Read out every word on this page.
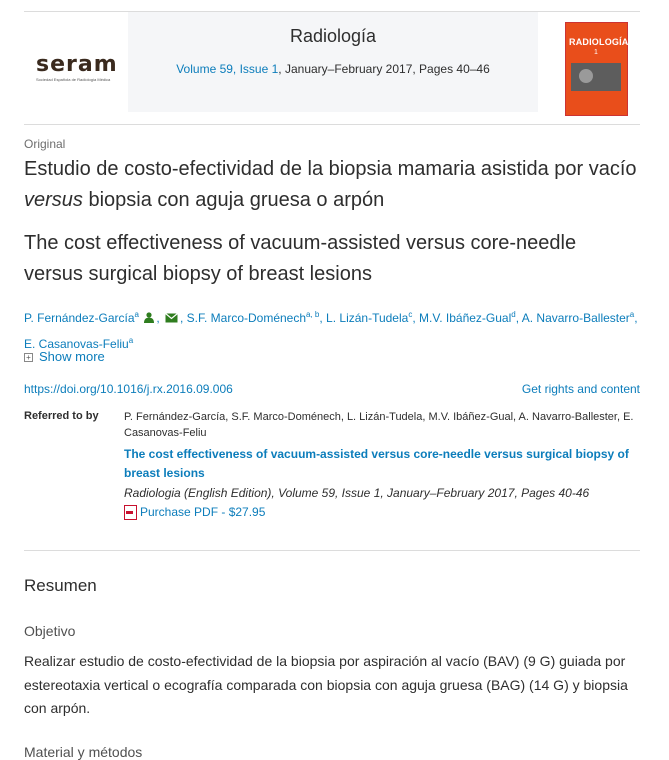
seram
Sociedad Española de Radiología Médica
Radiología
Volume 59, Issue 1, January–February 2017, Pages 40–46
RADIOLOGÍA
1
Original
Estudio de costo-efectividad de la biopsia mamaria asistida por vacío versus biopsia con aguja gruesa o arpón
The cost effectiveness of vacuum-assisted versus core-needle versus surgical biopsy of breast lesions
P. Fernández-García$^a$ , , S.F. Marco-Doménech$^{a, b}$, L. Lizán-Tudela$^c$, M.V. Ibáñez-Gual$^d$, A. Navarro-Ballester$^a$, E. Casanovas-Feliu$^a$
+ Show more
https://doi.org/10.1016/j.rx.2016.09.006	Get rights and content
Referred to by P. Fernández-García, S.F. Marco-Doménech, L. Lizán-Tudela, M.V. Ibáñez-Gual, A. Navarro-Ballester, E. Casanovas-Feliu
The cost effectiveness of vacuum-assisted versus core-needle versus surgical biopsy of breast lesions
Radiologia (English Edition), Volume 59, Issue 1, January–February 2017, Pages 40-46
Purchase PDF - $27.95
Resumen
Objetivo
Realizar estudio de costo-efectividad de la biopsia por aspiración al vacío (BAV) (9 G) guiada por estereotaxia vertical o ecografía comparada con biopsia con aguja gruesa (BAG) (14 G) y biopsia con arpón.
Material y métodos
